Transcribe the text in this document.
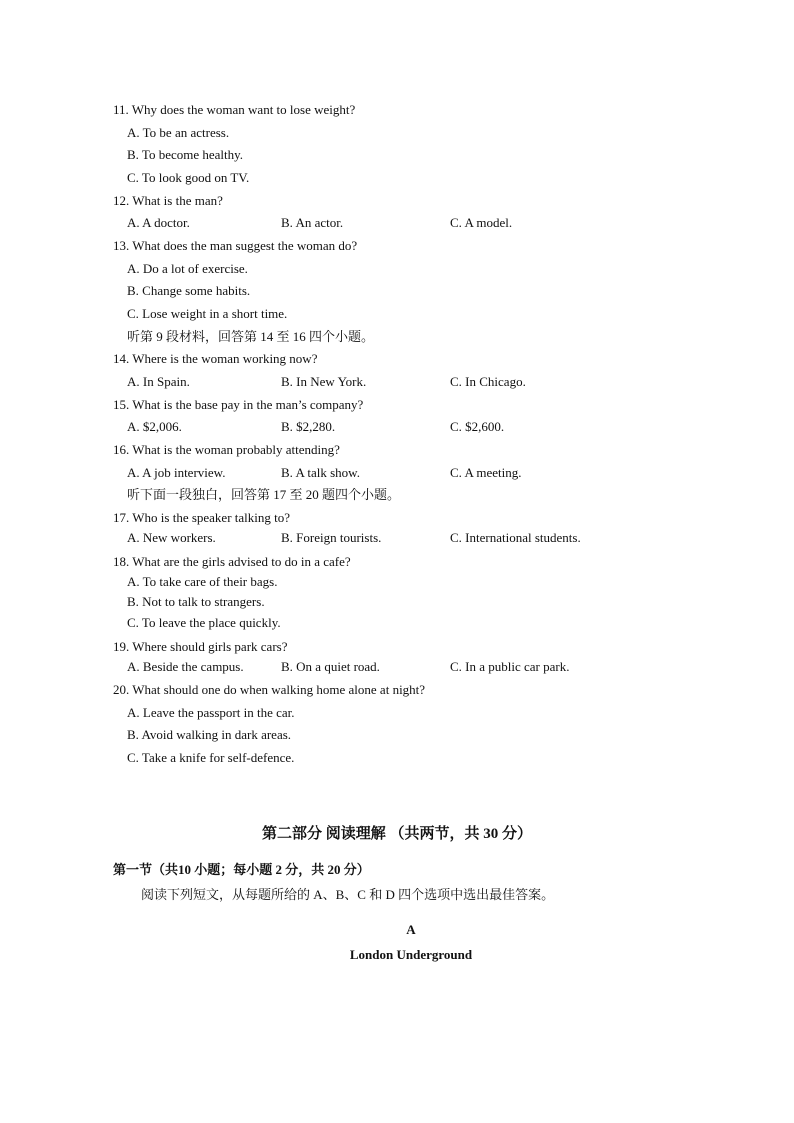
11. Why does the woman want to lose weight?
A. To be an actress.
B. To become healthy.
C. To look good on TV.
12. What is the man?
A. A doctor.	B. An actor.	C. A model.
13. What does the man suggest the woman do?
A. Do a lot of exercise.
B. Change some habits.
C. Lose weight in a short time.
听第 9 段材料，回答第 14 至 16 四个小题。
14. Where is the woman working now?
A. In Spain.	B. In New York.	C. In Chicago.
15. What is the base pay in the man’s company?
A. $2,006.	B. $2,280.	C. $2,600.
16. What is the woman probably attending?
A. A job interview.	B. A talk show.	C. A meeting.
听下面一段独白，回答第 17 至 20 题四个小题。
17. Who is the speaker talking to?
A. New workers.	B. Foreign tourists.	C. International students.
18. What are the girls advised to do in a cafe?
A. To take care of their bags.
B. Not to talk to strangers.
C. To leave the place quickly.
19. Where should girls park cars?
A. Beside the campus.	B. On a quiet road.	C. In a public car park.
20. What should one do when walking home alone at night?
A. Leave the passport in the car.
B. Avoid walking in dark areas.
C. Take a knife for self-defence.
第二部分 阅读理解 （共两节，共 30 分）
第一节（共10 小题；每小题 2 分，共 20 分）
阅读下列短文，从每题所给的 A、B、C 和 D 四个选项中选出最佳答案。
A
London Underground
